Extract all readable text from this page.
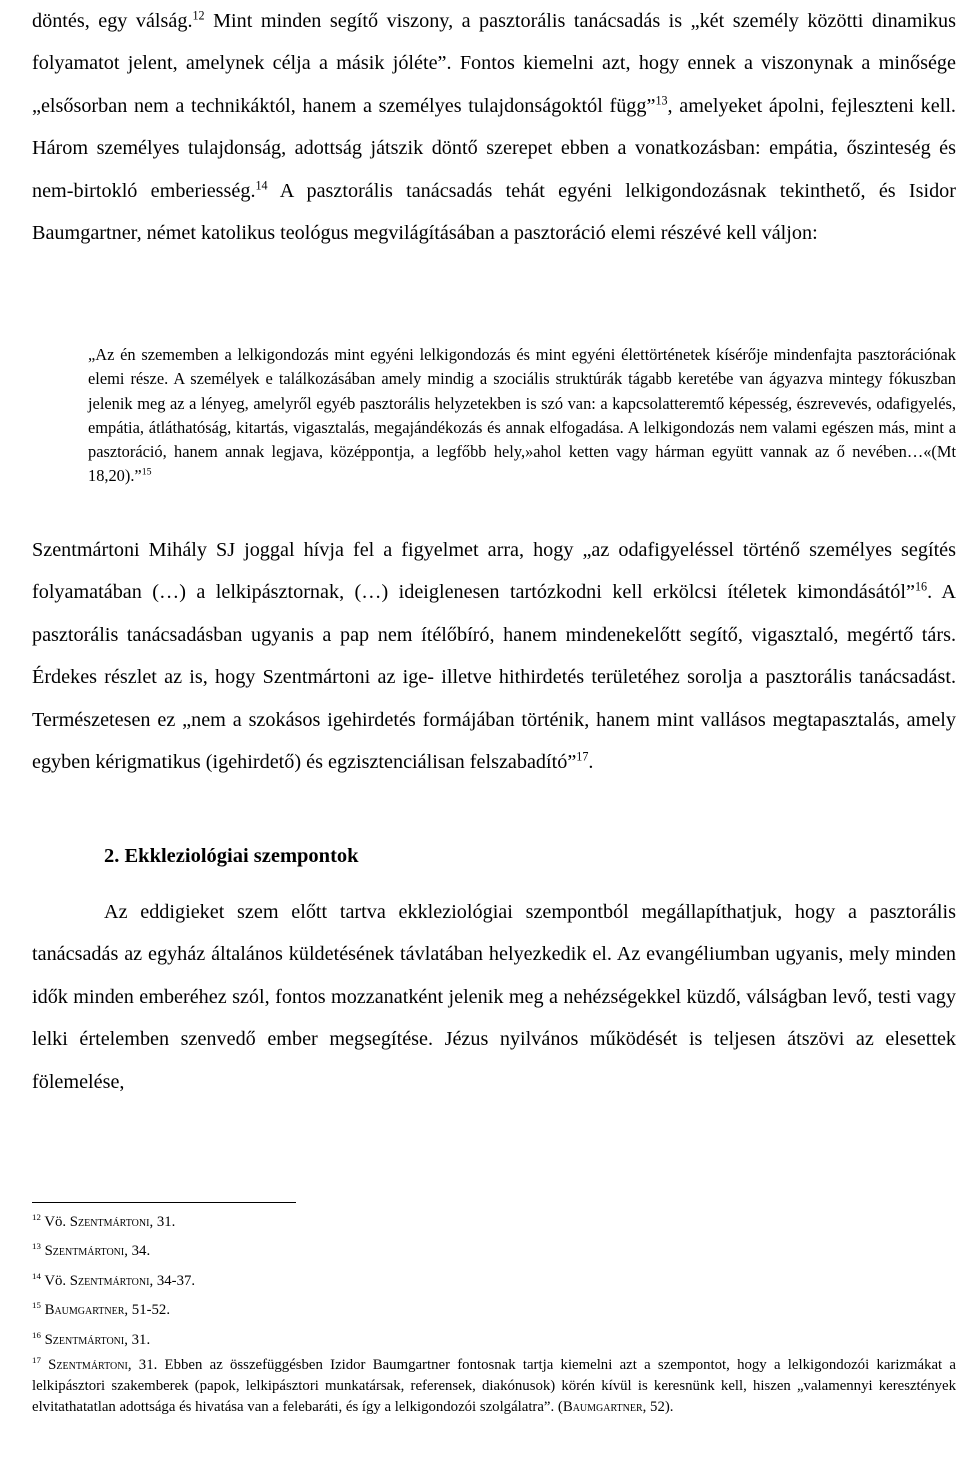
döntés, egy válság.$^{12}$ Mint minden segítő viszony, a pasztorális tanácsadás is „két személy közötti dinamikus folyamatot jelent, amelynek célja a másik jóléte”. Fontos kiemelni azt, hogy ennek a viszonynak a minősége „elsősorban nem a technikáktól, hanem a személyes tulajdonságoktól függ”$^{13}$, amelyeket ápolni, fejleszteni kell. Három személyes tulajdonság, adottság játszik döntő szerepet ebben a vonatkozásban: empátia, őszinteség és nem-birtokló emberiesség.$^{14}$ A pasztorális tanácsadás tehát egyéni lelkigondozásnak tekinthető, és Isidor Baumgartner, német katolikus teológus megvilágításában a pasztoráció elemi részévé kell váljon:

„Az én szememben a lelkigondozás mint egyéni lelkigondozás és mint egyéni élettörténetek kísérője mindenfajta pasztorációnak elemi része. A személyek e találkozásában amely mindig a szociális struktúrák tágabb keretébe van ágyazva mintegy fókuszban jelenik meg az a lényeg, amelyről egyéb pasztorális helyzetekben is szó van: a kapcsolatteremtő képesség, észrevevés, odafigyelés, empátia, átláthatóság, kitartás, vigasztalás, megajándékozás és annak elfogadása. A lelkigondozás nem valami egészen más, mint a pasztoráció, hanem annak legjava, középpontja, a legfőbb hely,»ahol ketten vagy hárman együtt vannak az ő nevében…«(Mt 18,20).”$^{15}$

Szentmártoni Mihály SJ joggal hívja fel a figyelmet arra, hogy „az odafigyeléssel történő személyes segítés folyamatában (…) a lelkipásztornak, (…) ideiglenesen tartózkodni kell erkölcsi ítéletek kimondásától”$^{16}$. A pasztorális tanácsadásban ugyanis a pap nem ítélőbíró, hanem mindenekelőtt segítő, vigasztaló, megértő társ. Érdekes részlet az is, hogy Szentmártoni az ige- illetve hithirdetés területéhez sorolja a pasztorális tanácsadást. Természetesen ez „nem a szokásos igehirdetés formájában történik, hanem mint vallásos megtapasztalás, amely egyben kérigmatikus (igehirdető) és egzisztenciálisan felszabadító”$^{17}$.

2. Ekkleziológiai szempontok

Az eddigieket szem előtt tartva ekkleziológiai szempontból megállapíthatjuk, hogy a pasztorális tanácsadás az egyház általános küldetésének távlatában helyezkedik el. Az evangéliumban ugyanis, mely minden idők minden emberéhez szól, fontos mozzanatként jelenik meg a nehézségekkel küzdő, válságban levő, testi vagy lelki értelemben szenvedő ember megsegítése. Jézus nyilvános működését is teljesen átszövi az elesettek fölemelése,

$^{12}$ Vö. Szentmártoni, 31.
$^{13}$ Szentmártoni, 34.
$^{14}$ Vö. Szentmártoni, 34-37.
$^{15}$ Baumgartner, 51-52.
$^{16}$ Szentmártoni, 31.
$^{17}$ Szentmártoni, 31. Ebben az összefüggésben Izidor Baumgartner fontosnak tartja kiemelni azt a szempontot, hogy a lelkigondozói karizmákat a lelkipásztori szakemberek (papok, lelkipásztori munkatársak, referensek, diakónusok) körén kívül is keresnünk kell, hiszen „valamennyi keresztények elvitathatatlan adottsága és hivatása van a felebaráti, és így a lelkigondozói szolgálatra”. (Baumgartner, 52).
